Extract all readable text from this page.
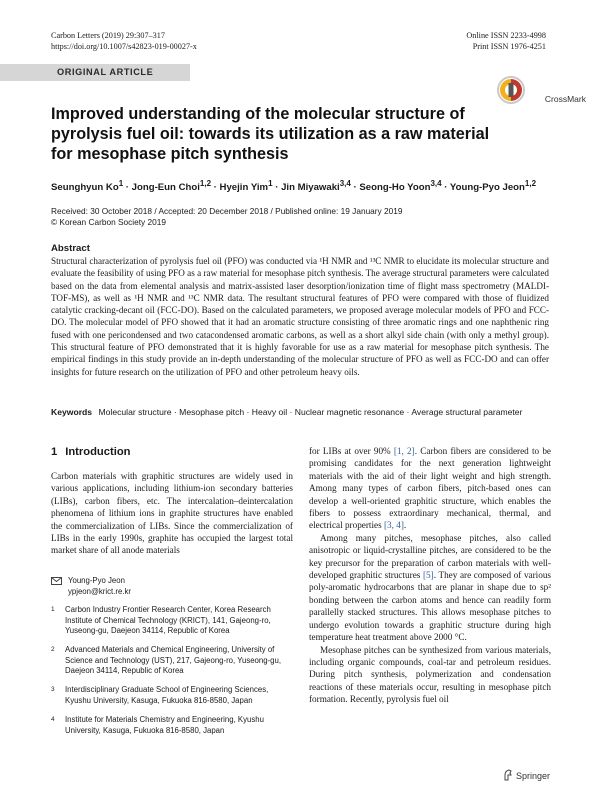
Carbon Letters (2019) 29:307–317
https://doi.org/10.1007/s42823-019-00027-x
Online ISSN 2233-4998
Print ISSN 1976-4251
ORIGINAL ARTICLE
CrossMark
Improved understanding of the molecular structure of pyrolysis fuel oil: towards its utilization as a raw material for mesophase pitch synthesis
Seunghyun $Ko^1$ · Jong-Eun Choi$^{1,2}$ · Hyejin Yim$^1$ · Jin Miyawaki$^{3,4}$ · Seong-Ho Yoon$^{3,4}$ · Young-Pyo Jeon$^{1,2}$
Received: 30 October 2018 / Accepted: 20 December 2018 / Published online: 19 January 2019
© Korean Carbon Society 2019
Abstract
Structural characterization of pyrolysis fuel oil (PFO) was conducted via ¹H NMR and ¹³C NMR to elucidate its molecular structure and evaluate the feasibility of using PFO as a raw material for mesophase pitch synthesis. The average structural parameters were calculated based on the data from elemental analysis and matrix-assisted laser desorption/ionization time of flight mass spectrometry (MALDI-TOF-MS), as well as ¹H NMR and ¹³C NMR data. The resultant structural features of PFO were compared with those of fluidized catalytic cracking-decant oil (FCC-DO). Based on the calculated parameters, we proposed average molecular models of PFO and FCC-DO. The molecular model of PFO showed that it had an aromatic structure consisting of three aromatic rings and one naphthenic ring fused with one pericondensed and two catacondensed aromatic carbons, as well as a short alkyl side chain (with only a methyl group). This structural feature of PFO demonstrated that it is highly favorable for use as a raw material for mesophase pitch synthesis. The empirical findings in this study provide an in-depth understanding of the molecular structure of PFO as well as FCC-DO and can offer insights for future research on the utilization of PFO and other petroleum heavy oils.
Keywords Molecular structure · Mesophase pitch · Heavy oil · Nuclear magnetic resonance · Average structural parameter
1 Introduction

Carbon materials with graphitic structures are widely used in various applications, including lithium-ion secondary batteries (LIBs), carbon fibers, etc. The intercalation–deintercalation phenomena of lithium ions in graphite structures have enabled the commercialization of LIBs. Since the commercialization of LIBs in the early 1990s, graphite has occupied the largest total market share of all anode materials

Young-Pyo Jeon
ypjeon@krict.re.kr
1 Carbon Industry Frontier Research Center, Korea Research Institute of Chemical Technology (KRICT), 141, Gajeong-ro, Yuseong-gu, Daejeon 34114, Republic of Korea
2 Advanced Materials and Chemical Engineering, University of Science and Technology (UST), 217, Gajeong-ro, Yuseong-gu, Daejeon 34114, Republic of Korea
3 Interdisciplinary Graduate School of Engineering Sciences, Kyushu University, Kasuga, Fukuoka 816-8580, Japan
4 Institute for Materials Chemistry and Engineering, Kyushu University, Kasuga, Fukuoka 816-8580, Japan

for LIBs at over 90% [1, 2]. Carbon fibers are considered to be promising candidates for the next generation lightweight materials with the aid of their light weight and high strength. Among many types of carbon fibers, pitch-based ones can develop a well-oriented graphitic structure, which enables the fibers to possess extraordinary mechanical, thermal, and electrical properties [3, 4].

Among many pitches, mesophase pitches, also called anisotropic or liquid-crystalline pitches, are considered to be the key precursor for the preparation of carbon materials with well-developed graphitic structures [5]. They are composed of various poly-aromatic hydrocarbons that are planar in shape due to sp² bonding between the carbon atoms and hence can readily form parallelly stacked structures. This allows mesophase pitches to undergo evolution towards a graphitic structure during high temperature heat treatment above 2000 °C.

Mesophase pitches can be synthesized from various materials, including organic compounds, coal-tar and petroleum residues. During pitch synthesis, polymerization and condensation reactions of these materials occur, resulting in mesophase pitch formation. Recently, pyrolysis fuel oil

Springer
